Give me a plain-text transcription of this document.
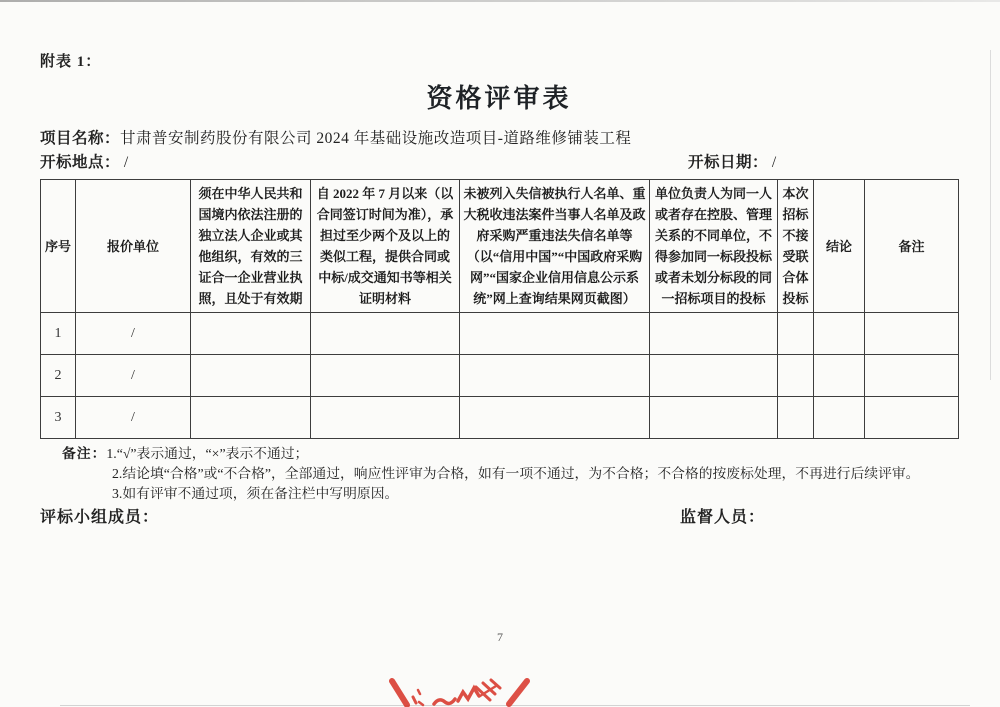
附表 1：
资格评审表
项目名称：甘肃普安制药股份有限公司 2024 年基础设施改造项目-道路维修铺装工程
开标地点： /	开标日期： /
序号	报价单位	须在中华人民共和国境内依法注册的独立法人企业或其他组织，有效的三证合一企业营业执照，且处于有效期	自 2022 年 7 月以来（以合同签订时间为准），承担过至少两个及以上的类似工程，提供合同或中标/成交通知书等相关证明材料	未被列入失信被执行人名单、重大税收违法案件当事人名单及政府采购严重违法失信名单等（以“信用中国”“中国政府采购网”“国家企业信用信息公示系统”网上查询结果网页截图）	单位负责人为同一人或者存在控股、管理关系的不同单位，不得参加同一标段投标或者未划分标段的同一招标项目的投标	本次招标不接受联合体投标	结论	备注
1	/							
2	/							
3	/							
备注：1.“√”表示通过，“×”表示不通过；
2.结论填“合格”或“不合格”，全部通过，响应性评审为合格，如有一项不通过，为不合格；不合格的按废标处理，不再进行后续评审。
3.如有评审不通过项，须在备注栏中写明原因。
评标小组成员：	监督人员：
7
